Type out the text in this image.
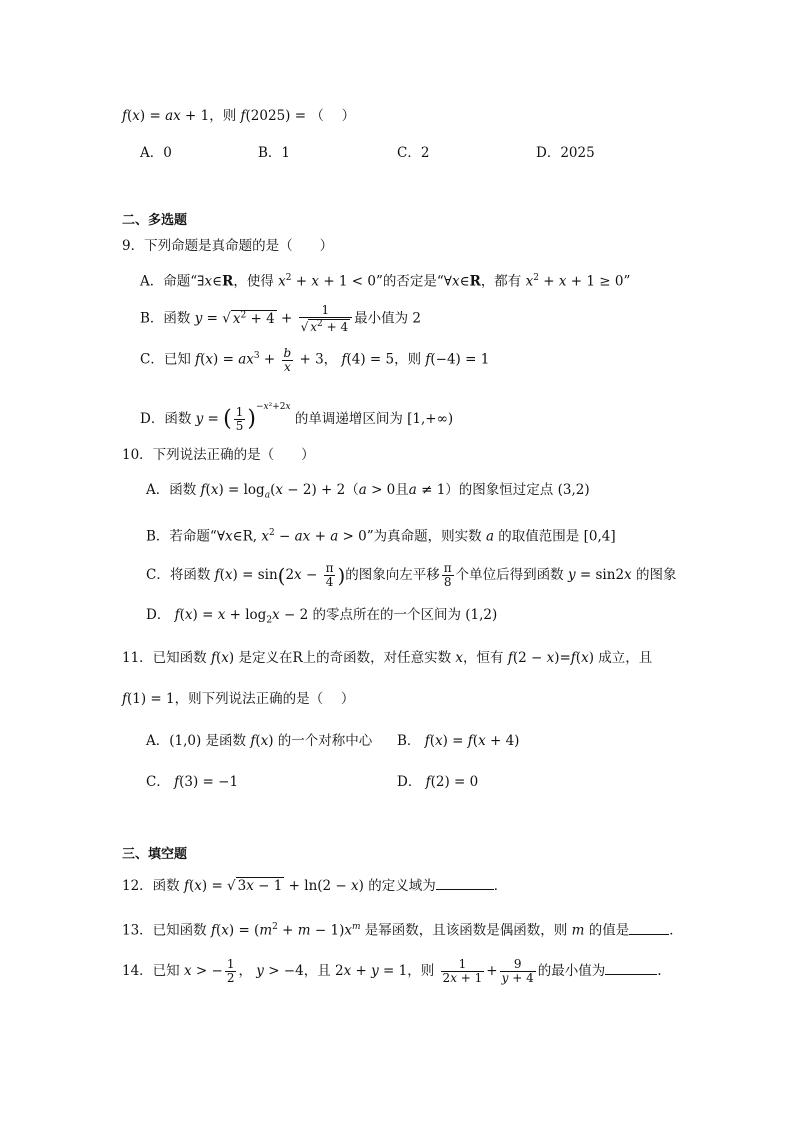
f(x) = ax + 1，则 f(2025) = （　 ）
A．0	B．1	C．2	D．2025
二、多选题
9．下列命题是真命题的是（　　）
A．命题“∃x∈R，使得 $x^2 + x + 1 < 0$”的否定是“∀x∈R，都有 $x^2 + x + 1 \ge 0$”
B．函数 y = √ $x^2 + 4 + \frac{1}{√ x^2 + 4}$ 最小值为 2
C．已知 $f(x) = ax^3 + \frac{b}{x} + 3$， f(4) = 5，则 f(−4) = 1
D．函数 y = ( $\frac{1}{5} )^{-x^2+2x}$ 的单调递增区间为 [1,+∞)
10．下列说法正确的是（　　）
A．函数 $f(x) = \log_a(x - 2) + 2(a > 0$且a ≠ 1）的图象恒过定点 (3,2)
B．若命题“∀x∈R, $x^2$ − ax + a > 0”为真命题，则实数 a 的取值范围是 [0,4]
C．将函数 $f(x) = \sin(2x - \frac{\pi}{4}$ )的图象向左平移 $\frac{\pi}{8}$ 个单位后得到函数 y = sin2x 的图象
D． $f(x) = x + \log_2x - 2$ 的零点所在的一个区间为 (1,2)
11．已知函数 f(x) 是定义在R上的奇函数，对任意实数 x，恒有 f(2 − x)=f(x) 成立，且
f(1) = 1，则下列说法正确的是（　 ）
A．(1,0) 是函数 f(x) 的一个对称中心 B． f(x) = f(x + 4)
C． f(3) = −1	D． f(2) = 0
三、填空题
12．函数 f(x) = √ 3x − 1 + ln(2 − x) 的定义域为	．
13．已知函数 $f(x) = (m^2 + m - 1)x^m$ 是幂函数，且该函数是偶函数，则 m 的值是	．
14．已知 x > − $\frac{1}{2}$ ， y > −4，且 2x + y = 1，则 $\frac{1}{2x + 1} + \frac{9}{y + 4}$ 的最小值为	.
